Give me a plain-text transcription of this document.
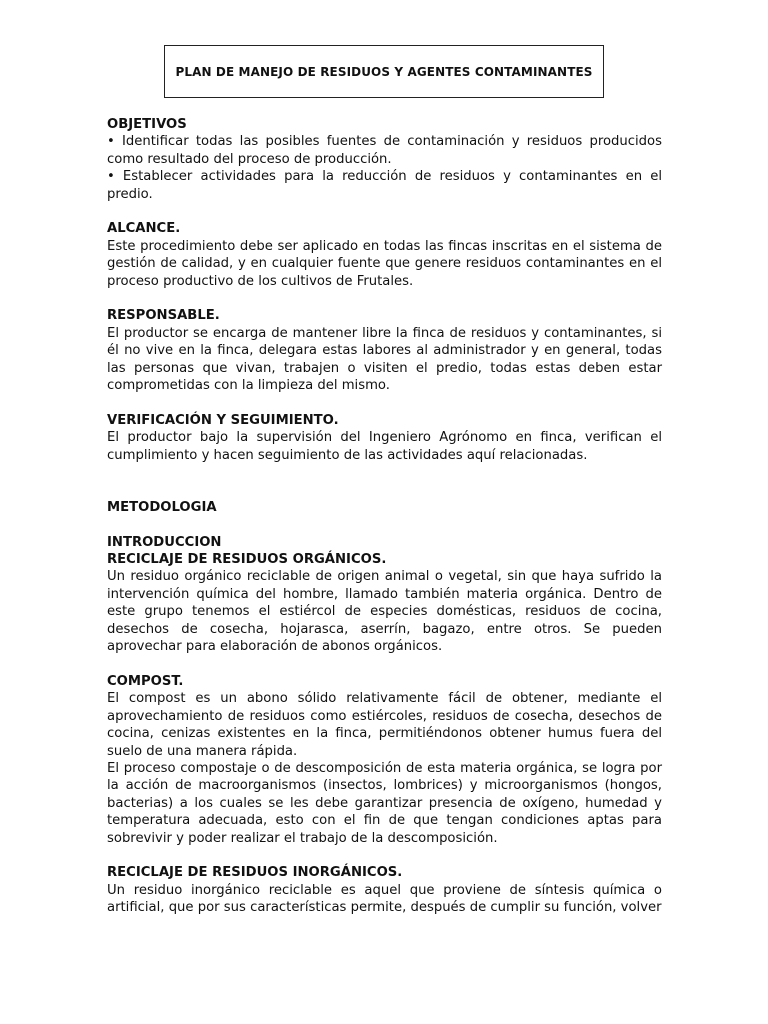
PLAN DE MANEJO DE RESIDUOS Y AGENTES CONTAMINANTES
OBJETIVOS
• Identificar todas las posibles fuentes de contaminación y residuos producidos como resultado del proceso de producción.
• Establecer actividades para la reducción de residuos y contaminantes en el predio.
ALCANCE.
Este procedimiento debe ser aplicado en todas las fincas inscritas en el sistema de gestión de calidad, y en cualquier fuente que genere residuos contaminantes en el proceso productivo de los cultivos de Frutales.
RESPONSABLE.
El productor se encarga de mantener libre la finca de residuos y contaminantes, si él no vive en la finca, delegara estas labores al administrador y en general, todas las personas que vivan, trabajen o visiten el predio, todas estas deben estar comprometidas con la limpieza del mismo.
VERIFICACIÓN Y SEGUIMIENTO.
El productor bajo la supervisión del Ingeniero Agrónomo en finca, verifican el cumplimiento y hacen seguimiento de las actividades aquí relacionadas.
METODOLOGIA
INTRODUCCION
RECICLAJE DE RESIDUOS ORGÁNICOS.
Un residuo orgánico reciclable de origen animal o vegetal, sin que haya sufrido la intervención química del hombre, llamado también materia orgánica. Dentro de este grupo tenemos el estiércol de especies domésticas, residuos de cocina, desechos de cosecha, hojarasca, aserrín, bagazo, entre otros. Se pueden aprovechar para elaboración de abonos orgánicos.
COMPOST.
El compost es un abono sólido relativamente fácil de obtener, mediante el aprovechamiento de residuos como estiércoles, residuos de cosecha, desechos de cocina, cenizas existentes en la finca, permitiéndonos obtener humus fuera del suelo de una manera rápida.
El proceso compostaje o de descomposición de esta materia orgánica, se logra por la acción de macroorganismos (insectos, lombrices) y microorganismos (hongos, bacterias) a los cuales se les debe garantizar presencia de oxígeno, humedad y temperatura adecuada, esto con el fin de que tengan condiciones aptas para sobrevivir y poder realizar el trabajo de la descomposición.
RECICLAJE DE RESIDUOS INORGÁNICOS.
Un residuo inorgánico reciclable es aquel que proviene de síntesis química o artificial, que por sus características permite, después de cumplir su función, volver
